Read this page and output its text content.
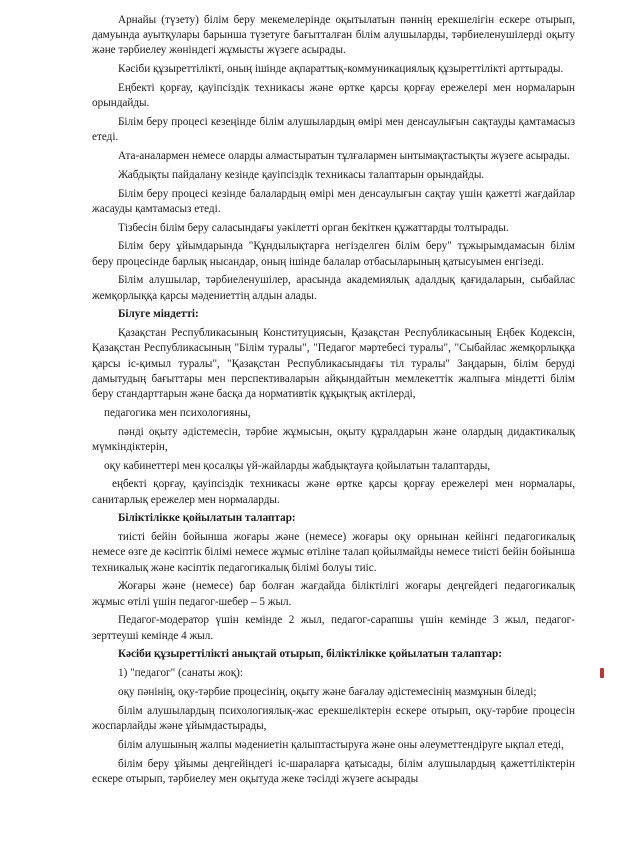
Арнайы (түзету) білім беру мекемелерінде оқытылатын пәннің ерекшелігін ескере отырып, дамуында ауытқулары барынша түзетуге бағытталған білім алушыларды, тәрбиеленушілерді оқыту және тәрбиелеу жөніндегі жұмысты жүзеге асырады.

Кәсіби құзыреттілікті, оның ішінде ақпараттық-коммуникациялық құзыреттілікті арттырады.

Еңбекті қорғау, қауіпсіздік техникасы және өртке қарсы қорғау ережелері мен нормаларын орындайды.

Білім беру процесі кезеңінде білім алушылардың өмірі мен денсаулығын сақтауды қамтамасыз етеді.

Ата-аналармен немесе оларды алмастыратын тұлғалармен ынтымақтастықты жүзеге асырады.

Жабдықты пайдалану кезінде қауіпсіздік техникасы талаптарын орындайды.

Білім беру процесі кезінде балалардың өмірі мен денсаулығын сақтау үшін қажетті жағдайлар жасауды қамтамасыз етеді.

Тізбесін білім беру саласындағы уәкілетті орган бекіткен құжаттарды толтырады.

Білім беру ұйымдарында "Құндылықтарға негізделген білім беру" тұжырымдамасын білім беру процесінде барлық нысандар, оның ішінде балалар отбасыларының қатысуымен енгізеді.

Білім алушылар, тәрбиеленушілер, арасында академиялық адалдық қағидаларын, сыбайлас жемқорлыққа қарсы мәдениеттің алдын алады.

Білуге міндетті:

Қазақстан Республикасының Конституциясын, Қазақстан Республикасының Еңбек Кодексін, Қазақстан Республикасының "Білім туралы", "Педагог мәртебесі туралы", "Сыбайлас жемқорлыққа қарсы іс-қимыл туралы", "Қазақстан Республикасындағы тіл туралы" Заңдарын, білім беруді дамытудың бағыттары мен перспективаларын айқындайтын мемлекеттік жалпыға міндетті білім беру стандарттарын және басқа да нормативтік құқықтық актілерді,

педагогика мен психологияны,

пәнді оқыту әдістемесін, тәрбие жұмысын, оқыту құралдарын және олардың дидактикалық мүмкіндіктерін,

оқу кабинеттері мен қосалқы үй-жайларды жабдықтауға қойылатын талаптарды,

еңбекті қорғау, қауіпсіздік техникасы және өртке қарсы қорғау ережелері мен нормалары, санитарлық ережелер мен нормаларды.

Біліктілікке қойылатын талаптар:

тиісті бейін бойынша жоғары және (немесе) жоғары оқу орнынан кейінгі педагогикалық немесе өзге де кәсіптік білімі немесе жұмыс өтіліне талап қойылмайды немесе тиісті бейін бойынша техникалық және кәсіптік педагогикалық білімі болуы тиіс.

Жоғары және (немесе) бар болған жағдайда біліктілігі жоғары деңгейдегі педагогикалық жұмыс өтілі үшін педагог-шебер – 5 жыл.

Педагог-модератор үшін кемінде 2 жыл, педагог-сарапшы үшін кемінде 3 жыл, педагог-зерттеуші кемінде 4 жыл.

Кәсіби құзыреттілікті анықтай отырып, біліктілікке қойылатын талаптар:

1) "педагог" (санаты жоқ):

оқу пәнінің, оқу-тәрбие процесінің, оқыту және бағалау әдістемесінің мазмұнын біледі;

білім алушылардың психологиялық-жас ерекшеліктерін ескере отырып, оқу-тәрбие процесін жоспарлайды және ұйымдастырады,

білім алушының жалпы мәдениетін қалыптастыруға және оны әлеуметтендіруге ықпал етеді,

білім беру ұйымы деңгейіндегі іс-шараларға қатысады, білім алушылардың қажеттіліктерін ескере отырып, тәрбиелеу мен оқытуда жеке тәсілді жүзеге асырады
